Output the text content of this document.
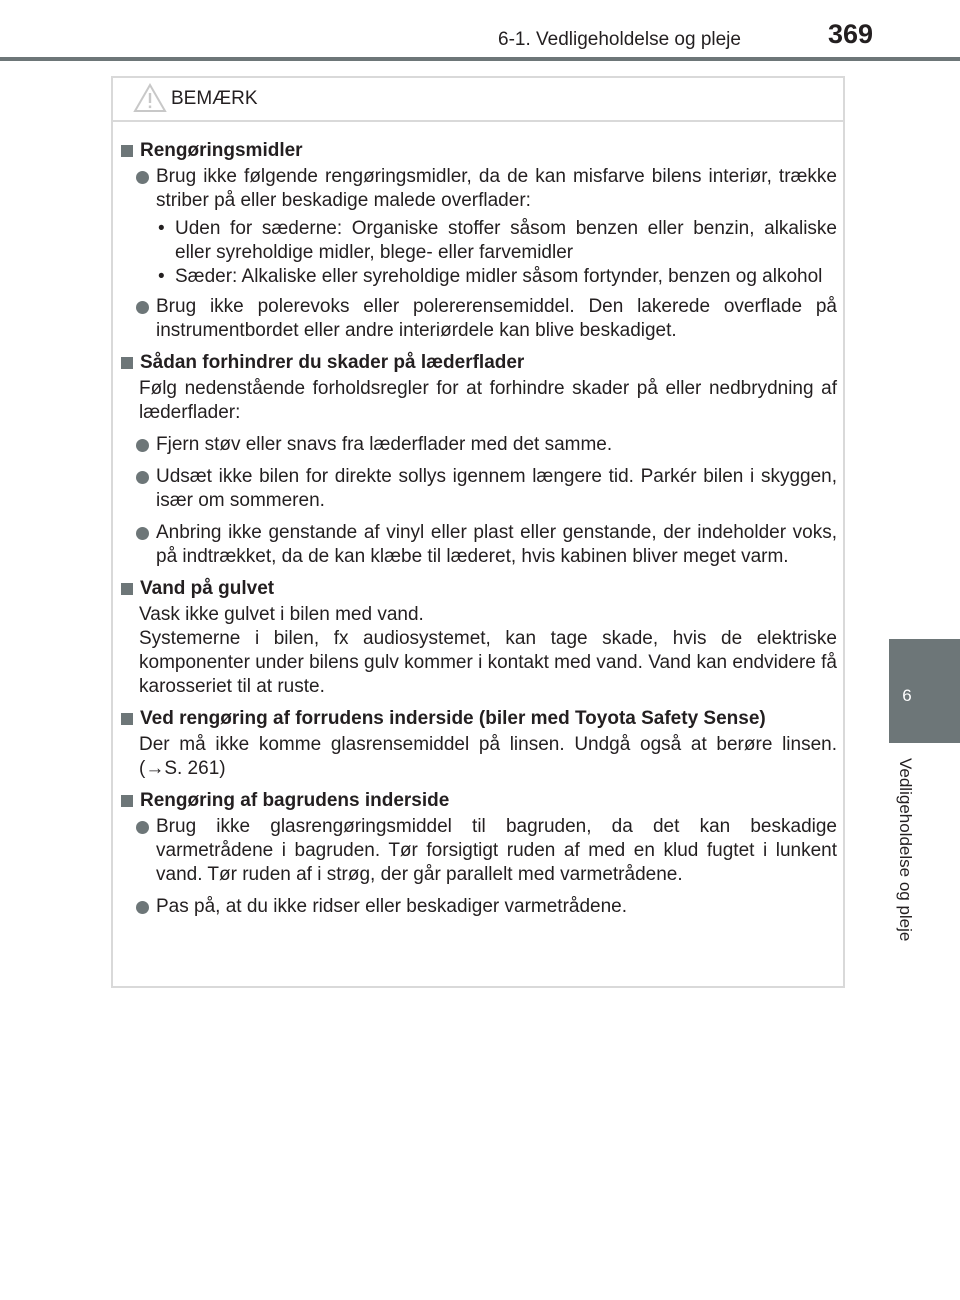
6-1. Vedligeholdelse og pleje	369
6
Vedligeholdelse og pleje
BEMÆRK
Rengøringsmidler
Brug ikke følgende rengøringsmidler, da de kan misfarve bilens interiør, trække striber på eller beskadige malede overflader:
• Uden for sæderne: Organiske stoffer såsom benzen eller benzin, alkaliske eller syreholdige midler, blege- eller farvemidler
• Sæder: Alkaliske eller syreholdige midler såsom fortynder, benzen og alkohol
Brug ikke polerevoks eller polererensemiddel. Den lakerede overflade på instrumentbordet eller andre interiørdele kan blive beskadiget.
Sådan forhindrer du skader på læderflader
Følg nedenstående forholdsregler for at forhindre skader på eller nedbrydning af læderflader:
Fjern støv eller snavs fra læderflader med det samme.
Udsæt ikke bilen for direkte sollys igennem længere tid. Parkér bilen i skyggen, især om sommeren.
Anbring ikke genstande af vinyl eller plast eller genstande, der indeholder voks, på indtrækket, da de kan klæbe til læderet, hvis kabinen bliver meget varm.
Vand på gulvet
Vask ikke gulvet i bilen med vand.
Systemerne i bilen, fx audiosystemet, kan tage skade, hvis de elektriske komponenter under bilens gulv kommer i kontakt med vand. Vand kan endvidere få karosseriet til at ruste.
Ved rengøring af forrudens inderside (biler med Toyota Safety Sense)
Der må ikke komme glasrensemiddel på linsen. Undgå også at berøre linsen. (→S. 261)
Rengøring af bagrudens inderside
Brug ikke glasrengøringsmiddel til bagruden, da det kan beskadige varmetrådene i bagruden. Tør forsigtigt ruden af med en klud fugtet i lunkent vand. Tør ruden af i strøg, der går parallelt med varmetrådene.
Pas på, at du ikke ridser eller beskadiger varmetrådene.
